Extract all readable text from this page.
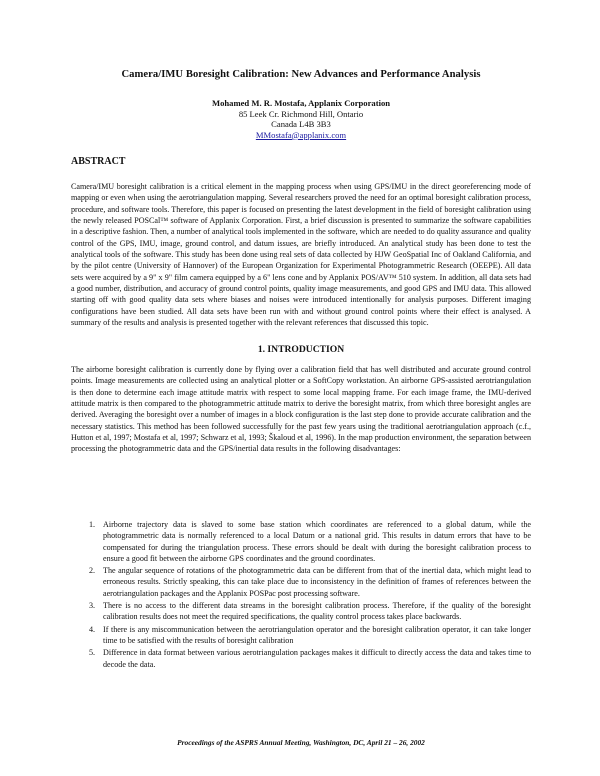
Camera/IMU Boresight Calibration: New Advances and Performance Analysis
Mohamed M. R. Mostafa, Applanix Corporation
85 Leek Cr. Richmond Hill, Ontario
Canada L4B 3B3
MMostafa@applanix.com
ABSTRACT
Camera/IMU boresight calibration is a critical element in the mapping process when using GPS/IMU in the direct georeferencing mode of mapping or even when using the aerotriangulation mapping. Several researchers proved the need for an optimal boresight calibration process, procedure, and software tools. Therefore, this paper is focused on presenting the latest development in the field of boresight calibration using the newly released POSCal™ software of Applanix Corporation. First, a brief discussion is presented to summarize the software capabilities in a descriptive fashion. Then, a number of analytical tools implemented in the software, which are needed to do quality assurance and quality control of the GPS, IMU, image, ground control, and datum issues, are briefly introduced. An analytical study has been done to test the analytical tools of the software. This study has been done using real sets of data collected by HJW GeoSpatial Inc of Oakland California, and by the pilot centre (University of Hannover) of the European Organization for Experimental Photogrammetric Research (OEEPE). All data sets were acquired by a 9" x 9" film camera equipped by a 6" lens cone and by Applanix POS/AV™ 510 system. In addition, all data sets had a good number, distribution, and accuracy of ground control points, quality image measurements, and good GPS and IMU data. This allowed starting off with good quality data sets where biases and noises were introduced intentionally for analysis purposes. Different imaging configurations have been studied. All data sets have been run with and without ground control points where their effect is analysed. A summary of the results and analysis is presented together with the relevant references that discussed this topic.
1. INTRODUCTION
The airborne boresight calibration is currently done by flying over a calibration field that has well distributed and accurate ground control points. Image measurements are collected using an analytical plotter or a SoftCopy workstation. An airborne GPS-assisted aerotriangulation is then done to determine each image attitude matrix with respect to some local mapping frame. For each image frame, the IMU-derived attitude matrix is then compared to the photogrammetric attitude matrix to derive the boresight matrix, from which three boresight angles are derived. Averaging the boresight over a number of images in a block configuration is the last step done to provide accurate calibration and the necessary statistics. This method has been followed successfully for the past few years using the traditional aerotriangulation approach (c.f., Hutton et al, 1997; Mostafa et al, 1997; Schwarz et al, 1993; Škaloud et al, 1996). In the map production environment, the separation between processing the photogrammetric data and the GPS/inertial data results in the following disadvantages:
1. Airborne trajectory data is slaved to some base station which coordinates are referenced to a global datum, while the photogrammetric data is normally referenced to a local Datum or a national grid. This results in datum errors that have to be compensated for during the triangulation process. These errors should be dealt with during the boresight calibration process to ensure a good fit between the airborne GPS coordinates and the ground coordinates.
2. The angular sequence of rotations of the photogrammetric data can be different from that of the inertial data, which might lead to erroneous results. Strictly speaking, this can take place due to inconsistency in the definition of frames of references between the aerotriangulation packages and the Applanix POSPac post processing software.
3. There is no access to the different data streams in the boresight calibration process. Therefore, if the quality of the boresight calibration results does not meet the required specifications, the quality control process takes place backwards.
4. If there is any miscommunication between the aerotriangulation operator and the boresight calibration operator, it can take longer time to be satisfied with the results of boresight calibration
5. Difference in data format between various aerotriangulation packages makes it difficult to directly access the data and takes time to decode the data.
Proceedings of the ASPRS Annual Meeting, Washington, DC, April 21 – 26, 2002
